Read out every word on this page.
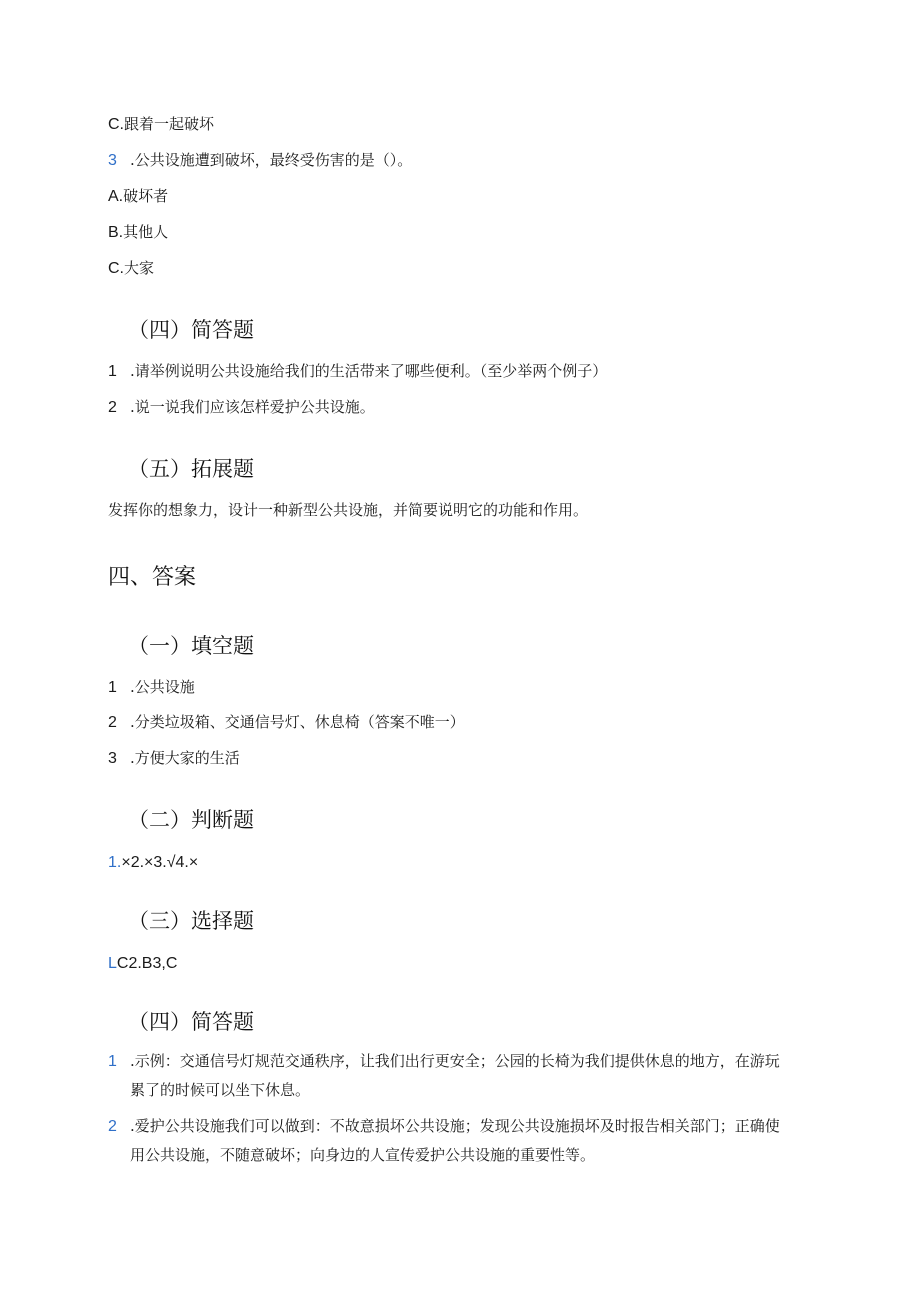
C.跟着一起破坏
3 .公共设施遭到破坏，最终受伤害的是（）。
A.破坏者
B.其他人
C.大家
（四）简答题
1 .请举例说明公共设施给我们的生活带来了哪些便利。（至少举两个例子）
2 .说一说我们应该怎样爱护公共设施。
（五）拓展题
发挥你的想象力，设计一种新型公共设施，并简要说明它的功能和作用。
四、答案
（一）填空题
1 .公共设施
2 .分类垃圾箱、交通信号灯、休息椅（答案不唯一）
3 .方便大家的生活
（二）判断题
1.×2.×3.√4.×
（三）选择题
LC2.B3,C
（四）简答题
1 .示例：交通信号灯规范交通秩序，让我们出行更安全；公园的长椅为我们提供休息的地方，在游玩
累了的时候可以坐下休息。
2 .爱护公共设施我们可以做到：不故意损坏公共设施；发现公共设施损坏及时报告相关部门；正确使
用公共设施，不随意破坏；向身边的人宣传爱护公共设施的重要性等。
